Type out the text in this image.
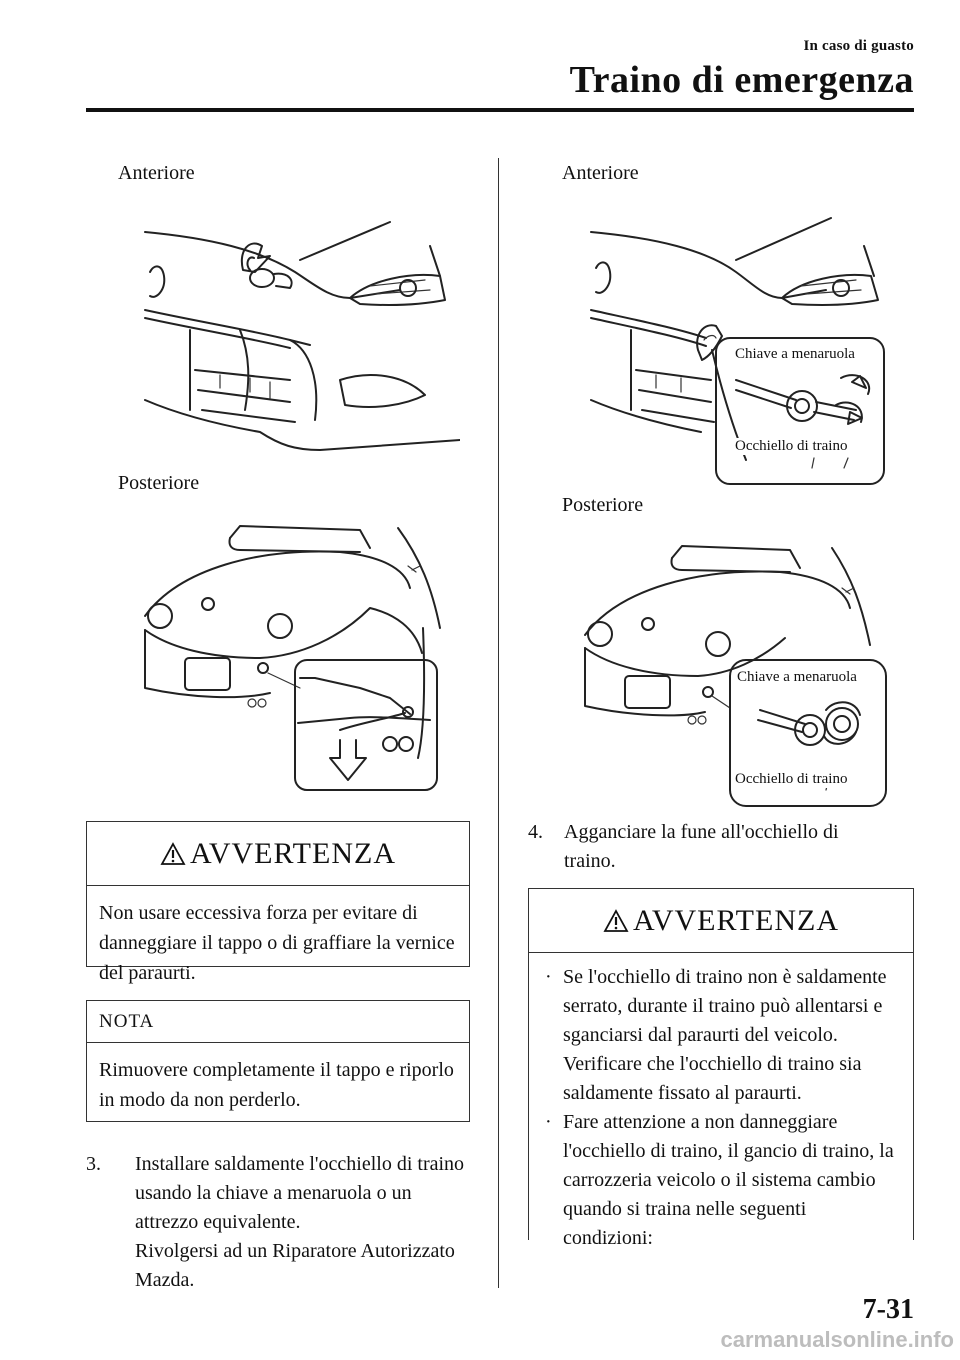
In caso di guasto
Traino di emergenza
Anteriore
Posteriore
AVVERTENZA
Non usare eccessiva forza per evitare di danneggiare il tappo o di graffiare la vernice del paraurti.
NOTA
Rimuovere completamente il tappo e riporlo in modo da non perderlo.
3.	Installare saldamente l'occhiello di traino usando la chiave a menaruola o un attrezzo equivalente.
Rivolgersi ad un Riparatore Autorizzato Mazda.
Anteriore
Chiave a menaruola
Occhiello di traino
Posteriore
Chiave a menaruola
Occhiello di traino
4.	Agganciare la fune all'occhiello di traino.
AVVERTENZA
· Se l'occhiello di traino non è saldamente serrato, durante il traino può allentarsi e sganciarsi dal paraurti del veicolo. Verificare che l'occhiello di traino sia saldamente fissato al paraurti.
· Fare attenzione a non danneggiare l'occhiello di traino, il gancio di traino, la carrozzeria veicolo o il sistema cambio quando si traina nelle seguenti condizioni:
7-31
carmanualsonline.info
